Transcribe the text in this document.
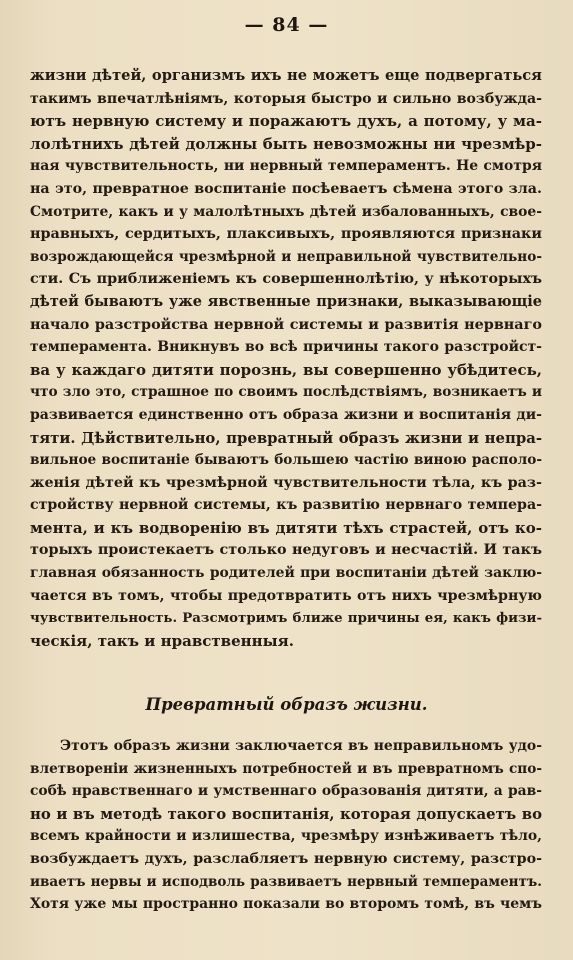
— 84 —
жизни дѣтей, организмъ ихъ не можетъ еще подвергаться
такимъ впечатлѣніямъ, которыя быстро и сильно возбужда-
ютъ нервную систему и поражаютъ духъ, а потому, у ма-
лолѣтнихъ дѣтей должны быть невозможны ни чрезмѣр-
ная чувствительность, ни нервный темпераментъ. Не смотря
на это, превратное воспитаніе посѣеваетъ сѣмена этого зла.
Смотрите, какъ и у малолѣтныхъ дѣтей избалованныхъ, свое-
нравныхъ, сердитыхъ, плаксивыхъ, проявляются признаки
возрождающейся чрезмѣрной и неправильной чувствительно-
сти. Съ приближеніемъ къ совершеннолѣтію, у нѣкоторыхъ
дѣтей бываютъ уже явственные признаки, выказывающіе
начало разстройства нервной системы и развитія нервнаго
темперамента. Вникнувъ во всѣ причины такого разстройст-
ва у каждаго дитяти порознь, вы совершенно убѣдитесь,
что зло это, страшное по своимъ послѣдствіямъ, возникаетъ и
развивается единственно отъ образа жизни и воспитанія ди-
тяти. Дѣйствительно, превратный образъ жизни и непра-
вильное воспитаніе бываютъ большею частію виною располо-
женія дѣтей къ чрезмѣрной чувствительности тѣла, къ раз-
стройству нервной системы, къ развитію нервнаго темпера-
мента, и къ водворенію въ дитяти тѣхъ страстей, отъ ко-
торыхъ проистекаетъ столько недуговъ и несчастій. И такъ
главная обязанность родителей при воспитаніи дѣтей заклю-
чается въ томъ, чтобы предотвратить отъ нихъ чрезмѣрную
чувствительность. Разсмотримъ ближе причины ея, какъ физи-
ческія, такъ и нравственныя.
Превратный образъ жизни.
Этотъ образъ жизни заключается въ неправильномъ удо-
влетвореніи жизненныхъ потребностей и въ превратномъ спо-
собѣ нравственнаго и умственнаго образованія дитяти, а рав-
но и въ методѣ такого воспитанія, которая допускаетъ во
всемъ крайности и излишества, чрезмѣру изнѣживаетъ тѣло,
возбуждаетъ духъ, разслабляетъ нервную систему, разстро-
иваетъ нервы и исподволь развиваетъ нервный темпераментъ.
Хотя уже мы пространно показали во второмъ томѣ, въ чемъ
